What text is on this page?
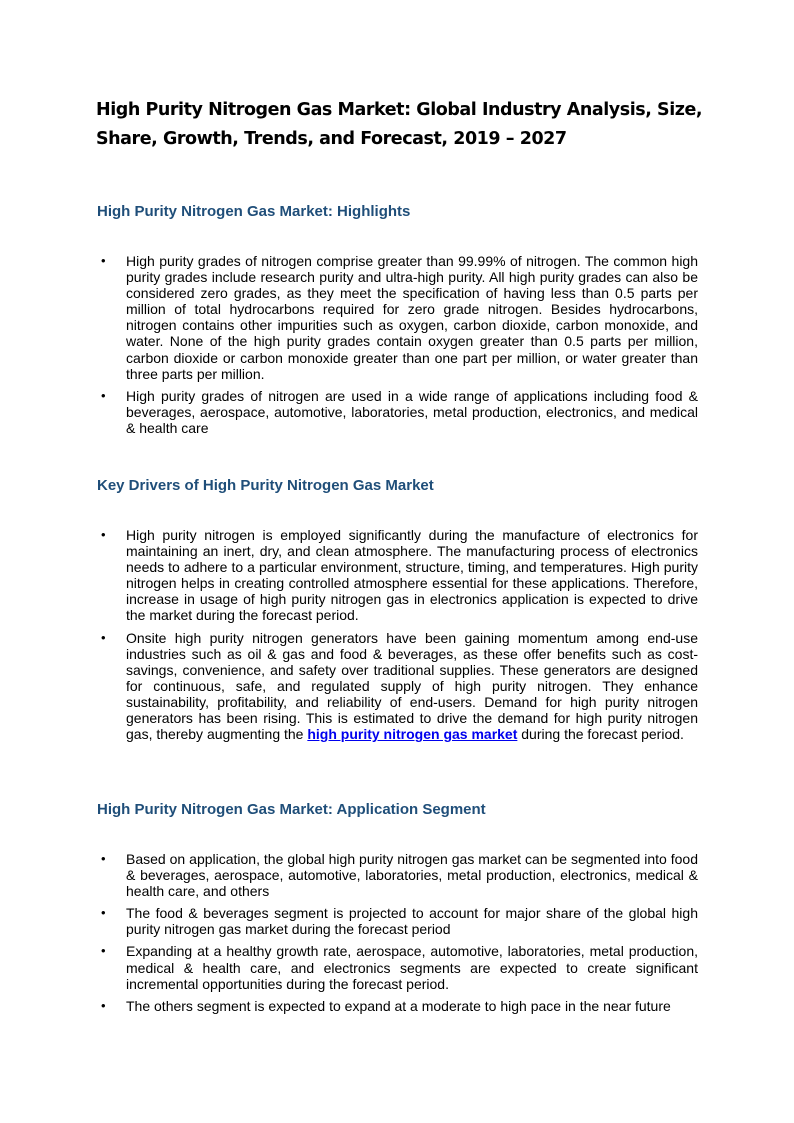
High Purity Nitrogen Gas Market: Global Industry Analysis, Size, Share, Growth, Trends, and Forecast, 2019 – 2027
High Purity Nitrogen Gas Market: Highlights
• High purity grades of nitrogen comprise greater than 99.99% of nitrogen. The common high purity grades include research purity and ultra-high purity. All high purity grades can also be considered zero grades, as they meet the specification of having less than 0.5 parts per million of total hydrocarbons required for zero grade nitrogen. Besides hydrocarbons, nitrogen contains other impurities such as oxygen, carbon dioxide, carbon monoxide, and water. None of the high purity grades contain oxygen greater than 0.5 parts per million, carbon dioxide or carbon monoxide greater than one part per million, or water greater than three parts per million.
• High purity grades of nitrogen are used in a wide range of applications including food & beverages, aerospace, automotive, laboratories, metal production, electronics, and medical & health care
Key Drivers of High Purity Nitrogen Gas Market
• High purity nitrogen is employed significantly during the manufacture of electronics for maintaining an inert, dry, and clean atmosphere. The manufacturing process of electronics needs to adhere to a particular environment, structure, timing, and temperatures. High purity nitrogen helps in creating controlled atmosphere essential for these applications. Therefore, increase in usage of high purity nitrogen gas in electronics application is expected to drive the market during the forecast period.
• Onsite high purity nitrogen generators have been gaining momentum among end-use industries such as oil & gas and food & beverages, as these offer benefits such as cost-savings, convenience, and safety over traditional supplies. These generators are designed for continuous, safe, and regulated supply of high purity nitrogen. They enhance sustainability, profitability, and reliability of end-users. Demand for high purity nitrogen generators has been rising. This is estimated to drive the demand for high purity nitrogen gas, thereby augmenting the high purity nitrogen gas market during the forecast period.
High Purity Nitrogen Gas Market: Application Segment
• Based on application, the global high purity nitrogen gas market can be segmented into food & beverages, aerospace, automotive, laboratories, metal production, electronics, medical & health care, and others
• The food & beverages segment is projected to account for major share of the global high purity nitrogen gas market during the forecast period
• Expanding at a healthy growth rate, aerospace, automotive, laboratories, metal production, medical & health care, and electronics segments are expected to create significant incremental opportunities during the forecast period.
• The others segment is expected to expand at a moderate to high pace in the near future
